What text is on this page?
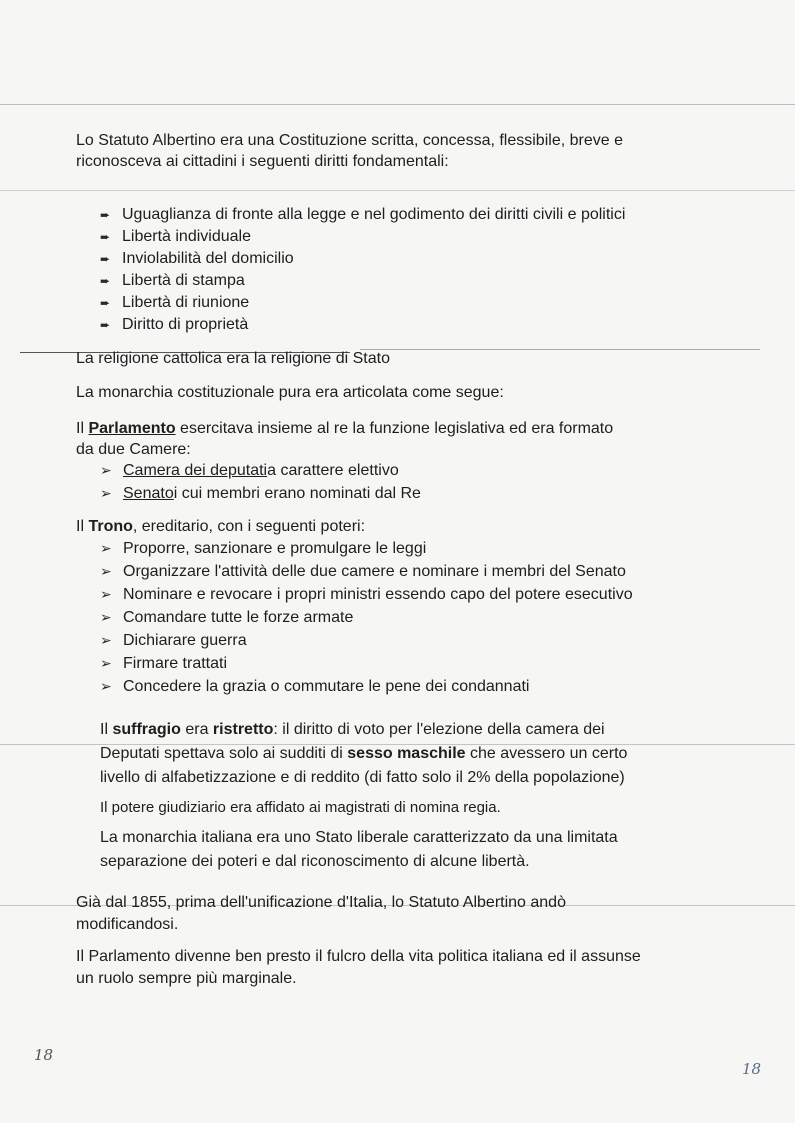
Lo Statuto Albertino era una Costituzione scritta, concessa, flessibile, breve e

riconosceva ai cittadini i seguenti diritti fondamentali:

➨ Uguaglianza di fronte alla legge e nel godimento dei diritti civili e politici
➨ Libertà individuale
➨ Inviolabilità del domicilio
➨ Libertà di stampa
➨ Libertà di riunione
➨ Diritto di proprietà

La religione cattolica era la religione di Stato

La monarchia costituzionale pura era articolata come segue:

Il Parlamento esercitava insieme al re la funzione legislativa ed era formato

da due Camere:

➢ Camera dei deputati a carattere elettivo
➢ Senato i cui membri erano nominati dal Re

Il Trono, ereditario, con i seguenti poteri:

➢ Proporre, sanzionare e promulgare le leggi
➢ Organizzare l'attività delle due camere e nominare i membri del Senato
➢ Nominare e revocare i propri ministri essendo capo del potere esecutivo
➢ Comandare tutte le forze armate
➢ Dichiarare guerra
➢ Firmare trattati
➢ Concedere la grazia o commutare le pene dei condannati

Il suffragio era ristretto: il diritto di voto per l'elezione della camera dei

Deputati spettava solo ai sudditi di sesso maschile che avessero un certo

livello di alfabetizzazione e di reddito (di fatto solo il 2% della popolazione)

Il potere giudiziario era affidato ai magistrati di nomina regia.

La monarchia italiana era uno Stato liberale caratterizzato da una limitata

separazione dei poteri e dal riconoscimento di alcune libertà.

Già dal 1855, prima dell'unificazione d'Italia, lo Statuto Albertino andò

modificandosi.

Il Parlamento divenne ben presto il fulcro della vita politica italiana ed il assunse

un ruolo sempre più marginale.

18
18
